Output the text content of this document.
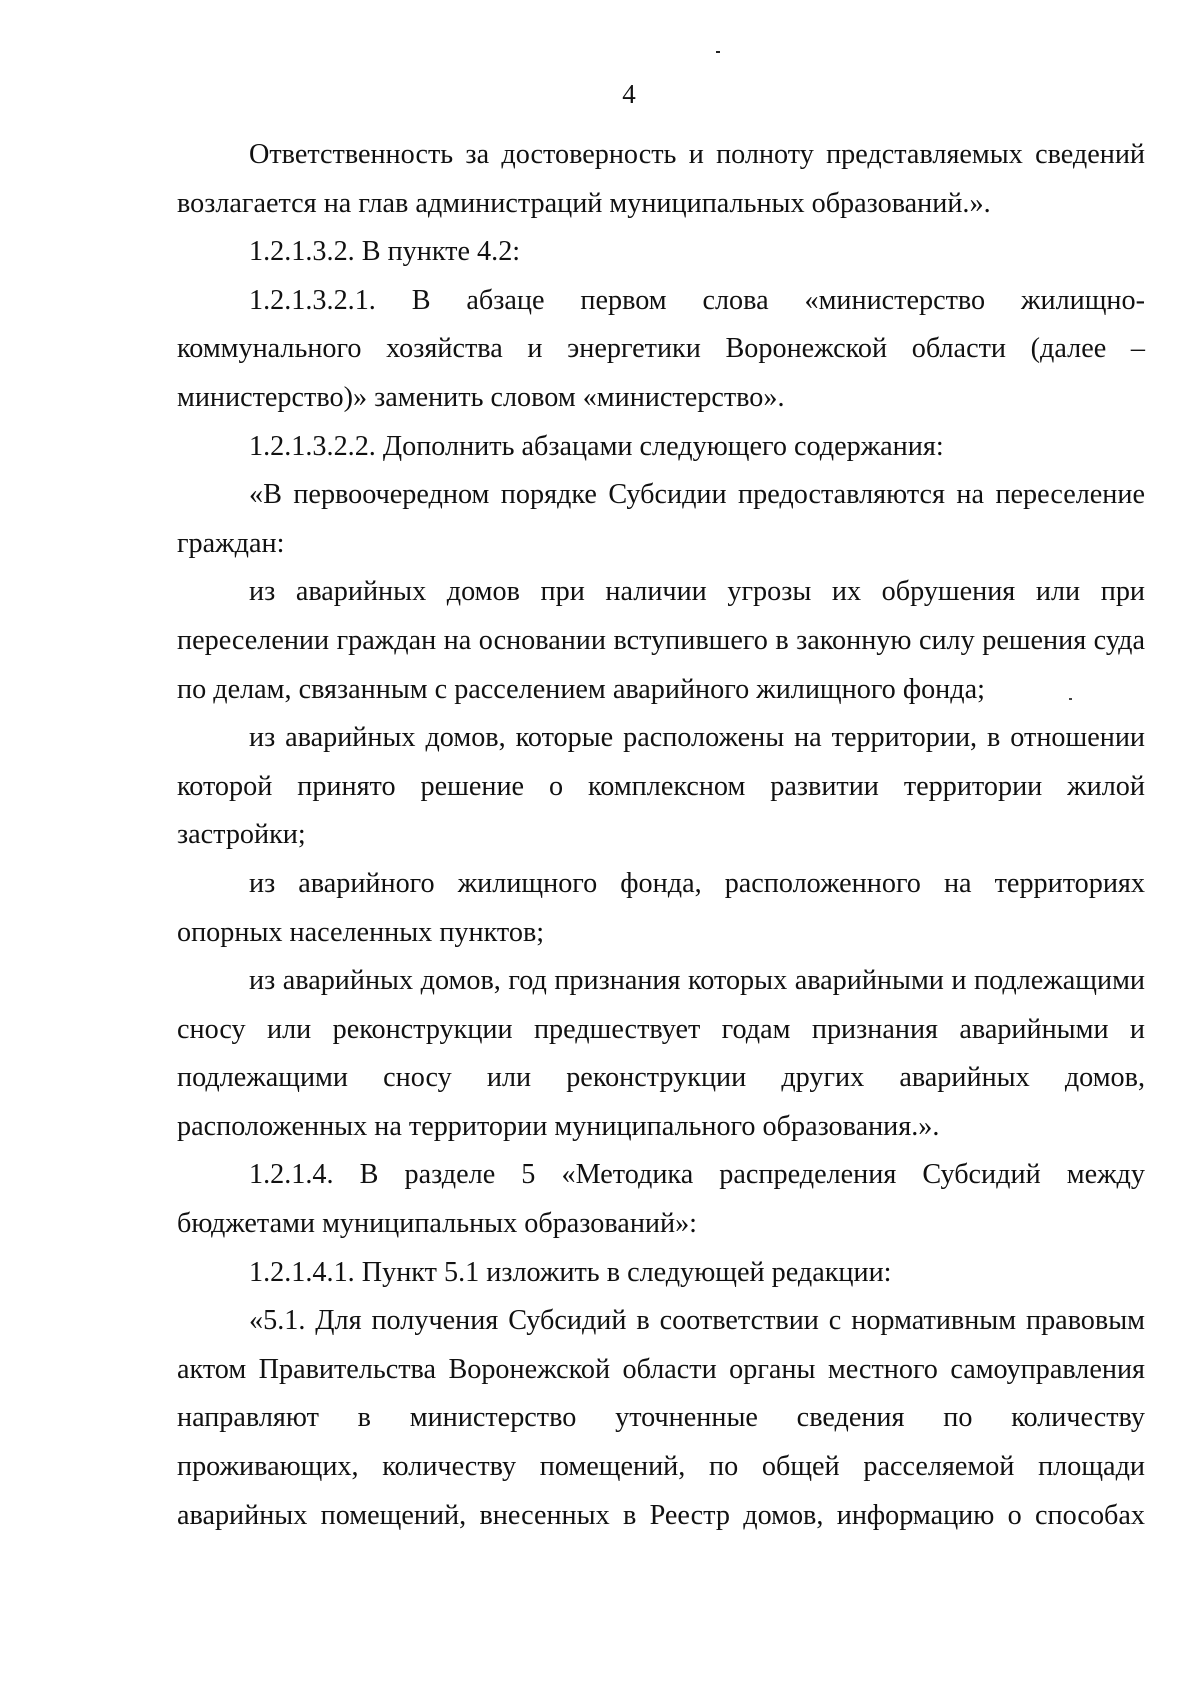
4
Ответственность за достоверность и полноту представляемых сведений
возлагается на глав администраций муниципальных образований.».
1.2.1.3.2. В пункте 4.2:
1.2.1.3.2.1. В абзаце первом слова «министерство жилищно-
коммунального хозяйства и энергетики Воронежской области (далее –
министерство)» заменить словом «министерство».
1.2.1.3.2.2. Дополнить абзацами следующего содержания:
«В первоочередном порядке Субсидии предоставляются на переселение
граждан:
из аварийных домов при наличии угрозы их обрушения или при
переселении граждан на основании вступившего в законную силу решения суда
по делам, связанным с расселением аварийного жилищного фонда;
из аварийных домов, которые расположены на территории, в отношении
которой принято решение о комплексном развитии территории жилой
застройки;
из аварийного жилищного фонда, расположенного на территориях
опорных населенных пунктов;
из аварийных домов, год признания которых аварийными и подлежащими
сносу или реконструкции предшествует годам признания аварийными и
подлежащими сносу или реконструкции других аварийных домов,
расположенных на территории муниципального образования.».
1.2.1.4. В разделе 5 «Методика распределения Субсидий между
бюджетами муниципальных образований»:
1.2.1.4.1. Пункт 5.1 изложить в следующей редакции:
«5.1. Для получения Субсидий в соответствии с нормативным правовым
актом Правительства Воронежской области органы местного самоуправления
направляют в министерство уточненные сведения по количеству
проживающих, количеству помещений, по общей расселяемой площади
аварийных помещений, внесенных в Реестр домов, информацию о способах
